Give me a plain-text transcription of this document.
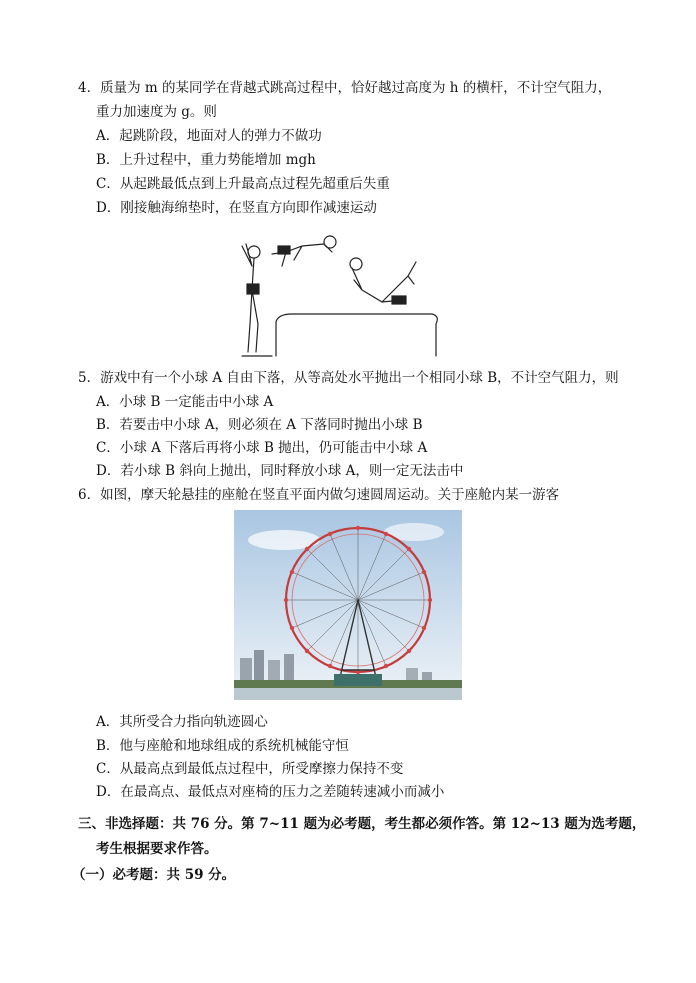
4．质量为 m 的某同学在背越式跳高过程中，恰好越过高度为 h 的横杆，不计空气阻力，
重力加速度为 g。则
A．起跳阶段，地面对人的弹力不做功
B．上升过程中，重力势能增加 mgh
C．从起跳最低点到上升最高点过程先超重后失重
D．刚接触海绵垫时，在竖直方向即作减速运动
5．游戏中有一个小球 A 自由下落，从等高处水平抛出一个相同小球 B，不计空气阻力，则
A．小球 B 一定能击中小球 A
B．若要击中小球 A，则必须在 A 下落同时抛出小球 B
C．小球 A 下落后再将小球 B 抛出，仍可能击中小球 A
D．若小球 B 斜向上抛出，同时释放小球 A，则一定无法击中
6．如图，摩天轮悬挂的座舱在竖直平面内做匀速圆周运动。关于座舱内某一游客
A．其所受合力指向轨迹圆心
B．他与座舱和地球组成的系统机械能守恒
C．从最高点到最低点过程中，所受摩擦力保持不变
D．在最高点、最低点对座椅的压力之差随转速减小而减小
三、非选择题：共 76 分。第 7~11 题为必考题，考生都必须作答。第 12~13 题为选考题，
考生根据要求作答。
（一）必考题：共 59 分。
